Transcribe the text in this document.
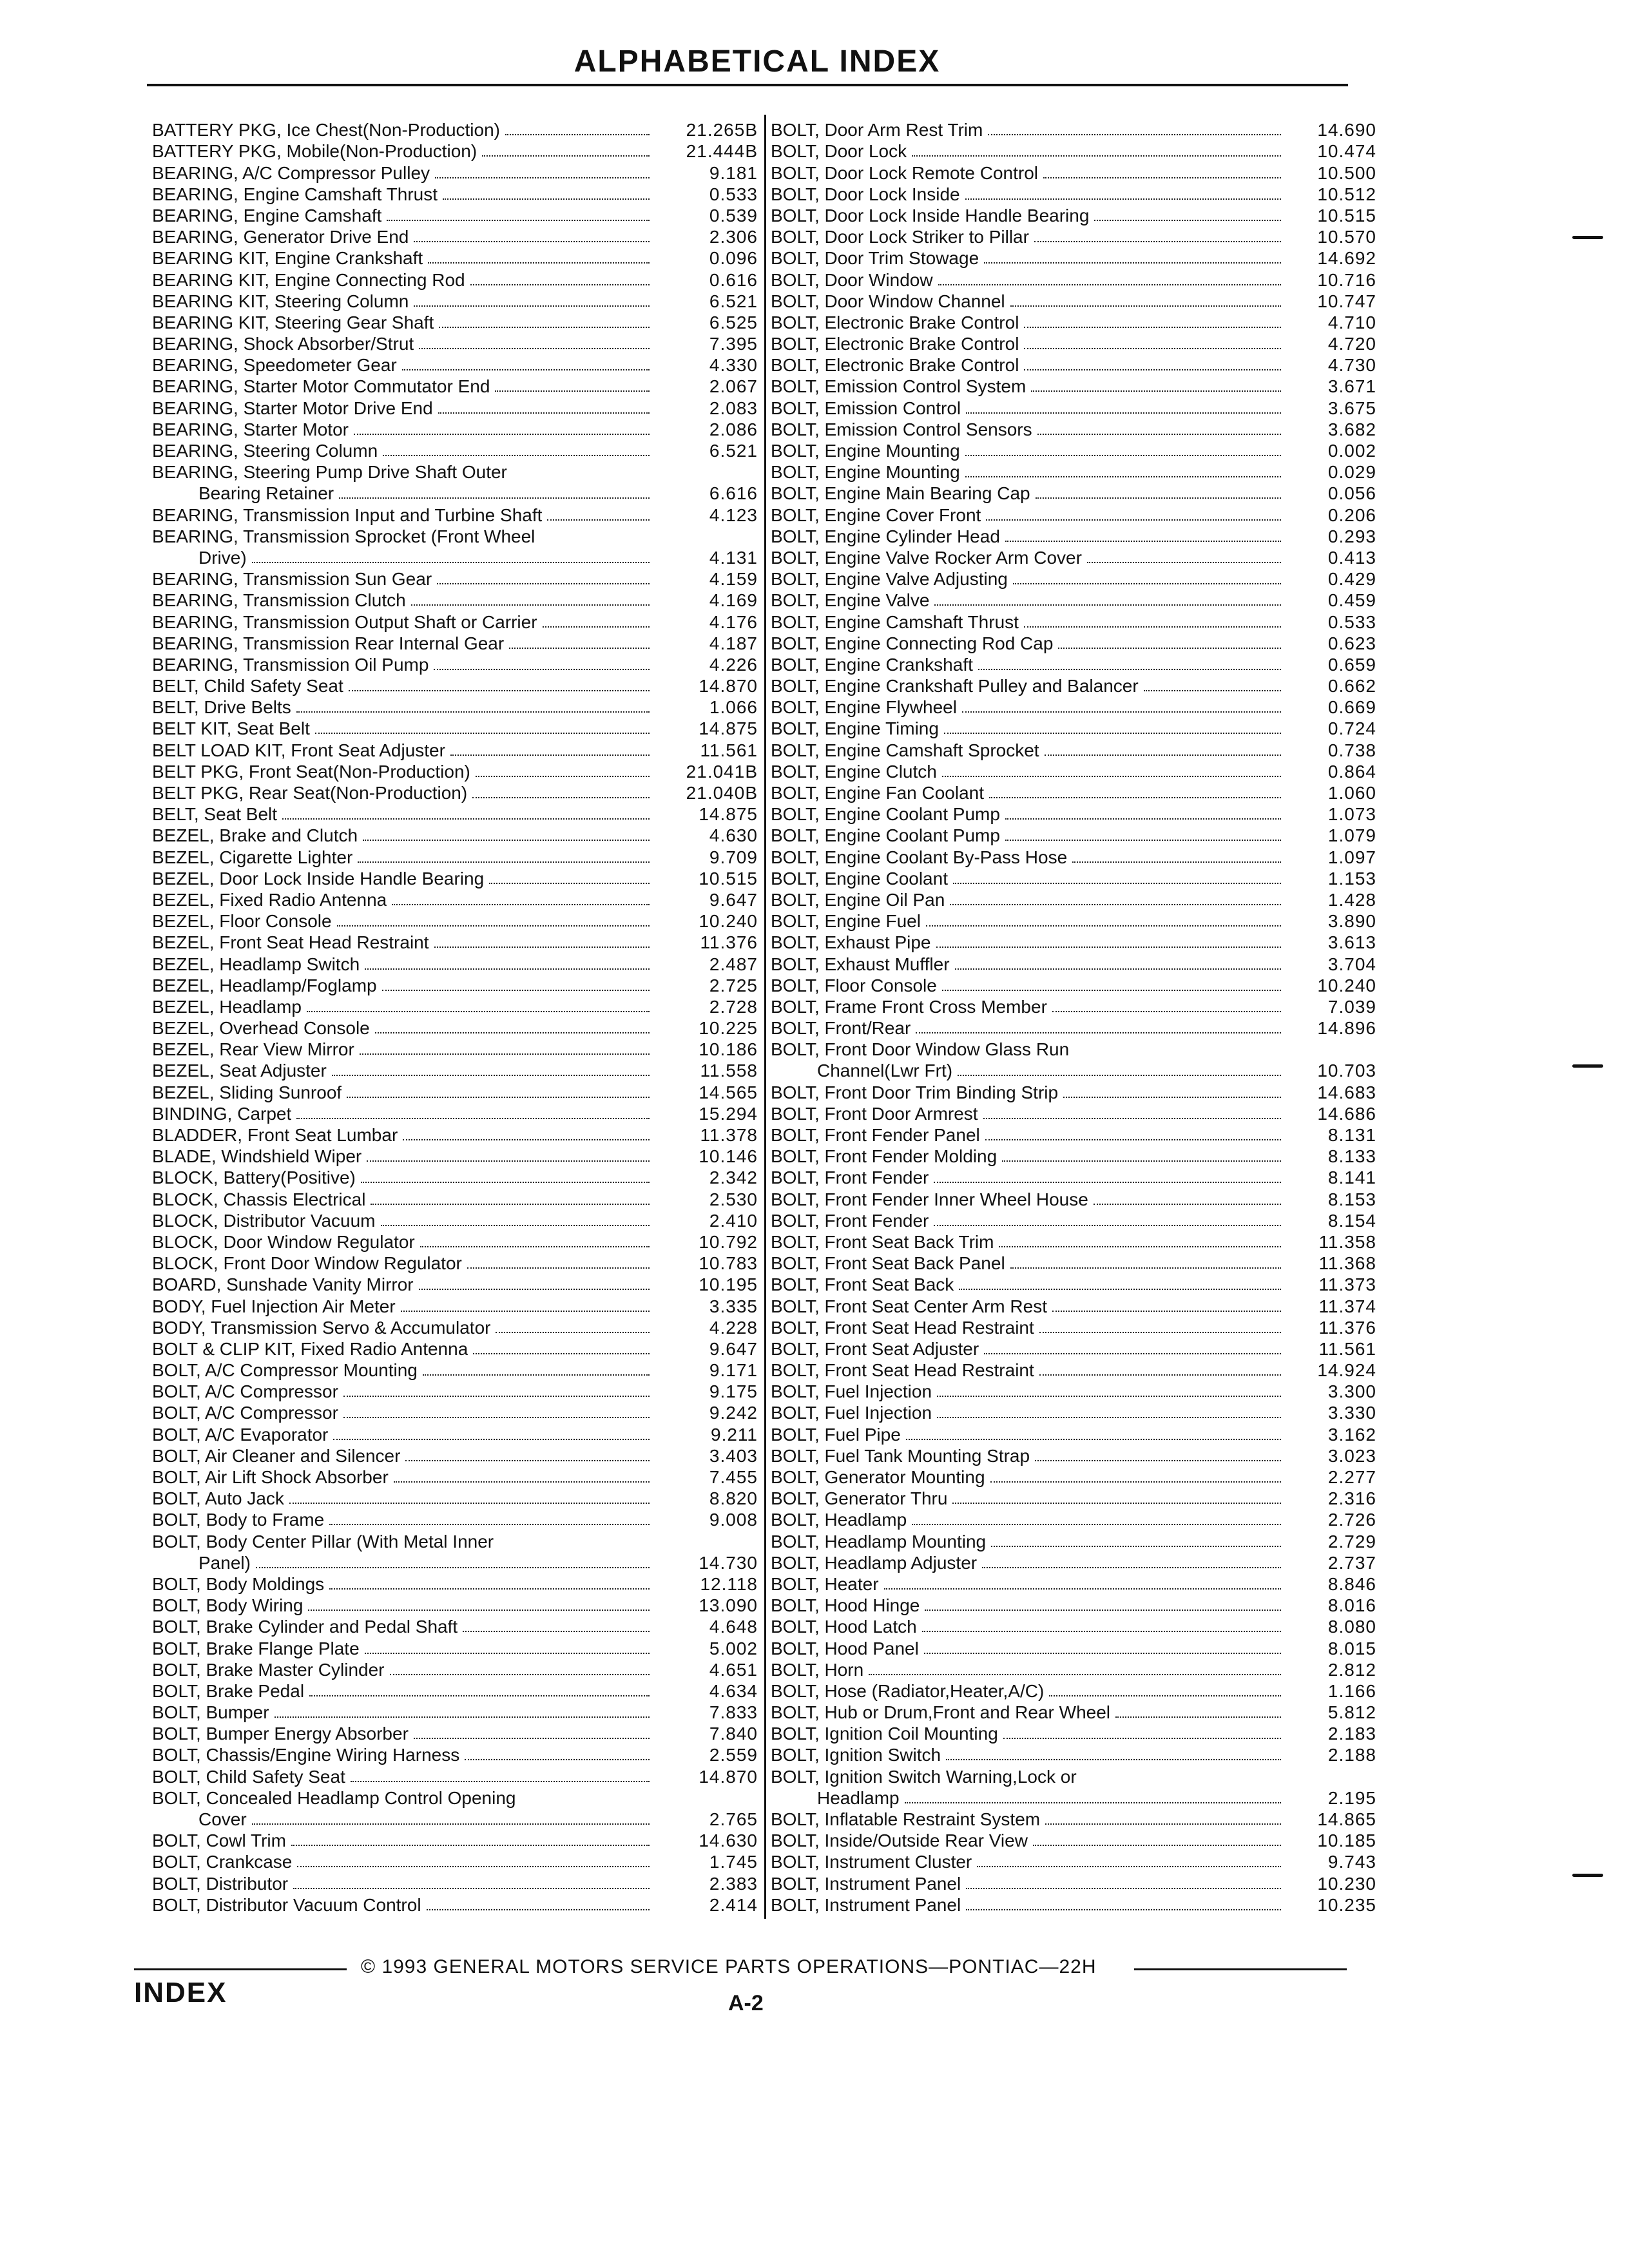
ALPHABETICAL INDEX
BATTERY PKG, Ice Chest(Non-Production)	21.265B
BATTERY PKG, Mobile(Non-Production)	21.444B
BEARING, A/C Compressor Pulley	9.181
BEARING, Engine Camshaft Thrust	0.533
BEARING, Engine Camshaft	0.539
BEARING, Generator Drive End	2.306
BEARING KIT, Engine Crankshaft	0.096
BEARING KIT, Engine Connecting Rod	0.616
BEARING KIT, Steering Column	6.521
BEARING KIT, Steering Gear Shaft	6.525
BEARING, Shock Absorber/Strut	7.395
BEARING, Speedometer Gear	4.330
BEARING, Starter Motor Commutator End	2.067
BEARING, Starter Motor Drive End	2.083
BEARING, Starter Motor	2.086
BEARING, Steering Column	6.521
BEARING, Steering Pump Drive Shaft Outer
Bearing Retainer	6.616
BEARING, Transmission Input and Turbine Shaft	4.123
BEARING, Transmission Sprocket (Front Wheel
Drive)	4.131
BEARING, Transmission Sun Gear	4.159
BEARING, Transmission Clutch	4.169
BEARING, Transmission Output Shaft or Carrier	4.176
BEARING, Transmission Rear Internal Gear	4.187
BEARING, Transmission Oil Pump	4.226
BELT, Child Safety Seat	14.870
BELT, Drive Belts	1.066
BELT KIT, Seat Belt	14.875
BELT LOAD KIT, Front Seat Adjuster	11.561
BELT PKG, Front Seat(Non-Production)	21.041B
BELT PKG, Rear Seat(Non-Production)	21.040B
BELT, Seat Belt	14.875
BEZEL, Brake and Clutch	4.630
BEZEL, Cigarette Lighter	9.709
BEZEL, Door Lock Inside Handle Bearing	10.515
BEZEL, Fixed Radio Antenna	9.647
BEZEL, Floor Console	10.240
BEZEL, Front Seat Head Restraint	11.376
BEZEL, Headlamp Switch	2.487
BEZEL, Headlamp/Foglamp	2.725
BEZEL, Headlamp	2.728
BEZEL, Overhead Console	10.225
BEZEL, Rear View Mirror	10.186
BEZEL, Seat Adjuster	11.558
BEZEL, Sliding Sunroof	14.565
BINDING, Carpet	15.294
BLADDER, Front Seat Lumbar	11.378
BLADE, Windshield Wiper	10.146
BLOCK, Battery(Positive)	2.342
BLOCK, Chassis Electrical	2.530
BLOCK, Distributor Vacuum	2.410
BLOCK, Door Window Regulator	10.792
BLOCK, Front Door Window Regulator	10.783
BOARD, Sunshade Vanity Mirror	10.195
BODY, Fuel Injection Air Meter	3.335
BODY, Transmission Servo & Accumulator	4.228
BOLT & CLIP KIT, Fixed Radio Antenna	9.647
BOLT, A/C Compressor Mounting	9.171
BOLT, A/C Compressor	9.175
BOLT, A/C Compressor	9.242
BOLT, A/C Evaporator	9.211
BOLT, Air Cleaner and Silencer	3.403
BOLT, Air Lift Shock Absorber	7.455
BOLT, Auto Jack	8.820
BOLT, Body to Frame	9.008
BOLT, Body Center Pillar (With Metal Inner
Panel)	14.730
BOLT, Body Moldings	12.118
BOLT, Body Wiring	13.090
BOLT, Brake Cylinder and Pedal Shaft	4.648
BOLT, Brake Flange Plate	5.002
BOLT, Brake Master Cylinder	4.651
BOLT, Brake Pedal	4.634
BOLT, Bumper	7.833
BOLT, Bumper Energy Absorber	7.840
BOLT, Chassis/Engine Wiring Harness	2.559
BOLT, Child Safety Seat	14.870
BOLT, Concealed Headlamp Control Opening
Cover	2.765
BOLT, Cowl Trim	14.630
BOLT, Crankcase	1.745
BOLT, Distributor	2.383
BOLT, Distributor Vacuum Control	2.414
BOLT, Door Arm Rest Trim	14.690
BOLT, Door Lock	10.474
BOLT, Door Lock Remote Control	10.500
BOLT, Door Lock Inside	10.512
BOLT, Door Lock Inside Handle Bearing	10.515
BOLT, Door Lock Striker to Pillar	10.570
BOLT, Door Trim Stowage	14.692
BOLT, Door Window	10.716
BOLT, Door Window Channel	10.747
BOLT, Electronic Brake Control	4.710
BOLT, Electronic Brake Control	4.720
BOLT, Electronic Brake Control	4.730
BOLT, Emission Control System	3.671
BOLT, Emission Control	3.675
BOLT, Emission Control Sensors	3.682
BOLT, Engine Mounting	0.002
BOLT, Engine Mounting	0.029
BOLT, Engine Main Bearing Cap	0.056
BOLT, Engine Cover Front	0.206
BOLT, Engine Cylinder Head	0.293
BOLT, Engine Valve Rocker Arm Cover	0.413
BOLT, Engine Valve Adjusting	0.429
BOLT, Engine Valve	0.459
BOLT, Engine Camshaft Thrust	0.533
BOLT, Engine Connecting Rod Cap	0.623
BOLT, Engine Crankshaft	0.659
BOLT, Engine Crankshaft Pulley and Balancer	0.662
BOLT, Engine Flywheel	0.669
BOLT, Engine Timing	0.724
BOLT, Engine Camshaft Sprocket	0.738
BOLT, Engine Clutch	0.864
BOLT, Engine Fan Coolant	1.060
BOLT, Engine Coolant Pump	1.073
BOLT, Engine Coolant Pump	1.079
BOLT, Engine Coolant By-Pass Hose	1.097
BOLT, Engine Coolant	1.153
BOLT, Engine Oil Pan	1.428
BOLT, Engine Fuel	3.890
BOLT, Exhaust Pipe	3.613
BOLT, Exhaust Muffler	3.704
BOLT, Floor Console	10.240
BOLT, Frame Front Cross Member	7.039
BOLT, Front/Rear	14.896
BOLT, Front Door Window Glass Run
Channel(Lwr Frt)	10.703
BOLT, Front Door Trim Binding Strip	14.683
BOLT, Front Door Armrest	14.686
BOLT, Front Fender Panel	8.131
BOLT, Front Fender Molding	8.133
BOLT, Front Fender	8.141
BOLT, Front Fender Inner Wheel House	8.153
BOLT, Front Fender	8.154
BOLT, Front Seat Back Trim	11.358
BOLT, Front Seat Back Panel	11.368
BOLT, Front Seat Back	11.373
BOLT, Front Seat Center Arm Rest	11.374
BOLT, Front Seat Head Restraint	11.376
BOLT, Front Seat Adjuster	11.561
BOLT, Front Seat Head Restraint	14.924
BOLT, Fuel Injection	3.300
BOLT, Fuel Injection	3.330
BOLT, Fuel Pipe	3.162
BOLT, Fuel Tank Mounting Strap	3.023
BOLT, Generator Mounting	2.277
BOLT, Generator Thru	2.316
BOLT, Headlamp	2.726
BOLT, Headlamp Mounting	2.729
BOLT, Headlamp Adjuster	2.737
BOLT, Heater	8.846
BOLT, Hood Hinge	8.016
BOLT, Hood Latch	8.080
BOLT, Hood Panel	8.015
BOLT, Horn	2.812
BOLT, Hose (Radiator,Heater,A/C)	1.166
BOLT, Hub or Drum,Front and Rear Wheel	5.812
BOLT, Ignition Coil Mounting	2.183
BOLT, Ignition Switch	2.188
BOLT, Ignition Switch Warning,Lock or
Headlamp	2.195
BOLT, Inflatable Restraint System	14.865
BOLT, Inside/Outside Rear View	10.185
BOLT, Instrument Cluster	9.743
BOLT, Instrument Panel	10.230
BOLT, Instrument Panel	10.235
© 1993 GENERAL MOTORS SERVICE PARTS OPERATIONS—PONTIAC—22H
INDEX	A-2
